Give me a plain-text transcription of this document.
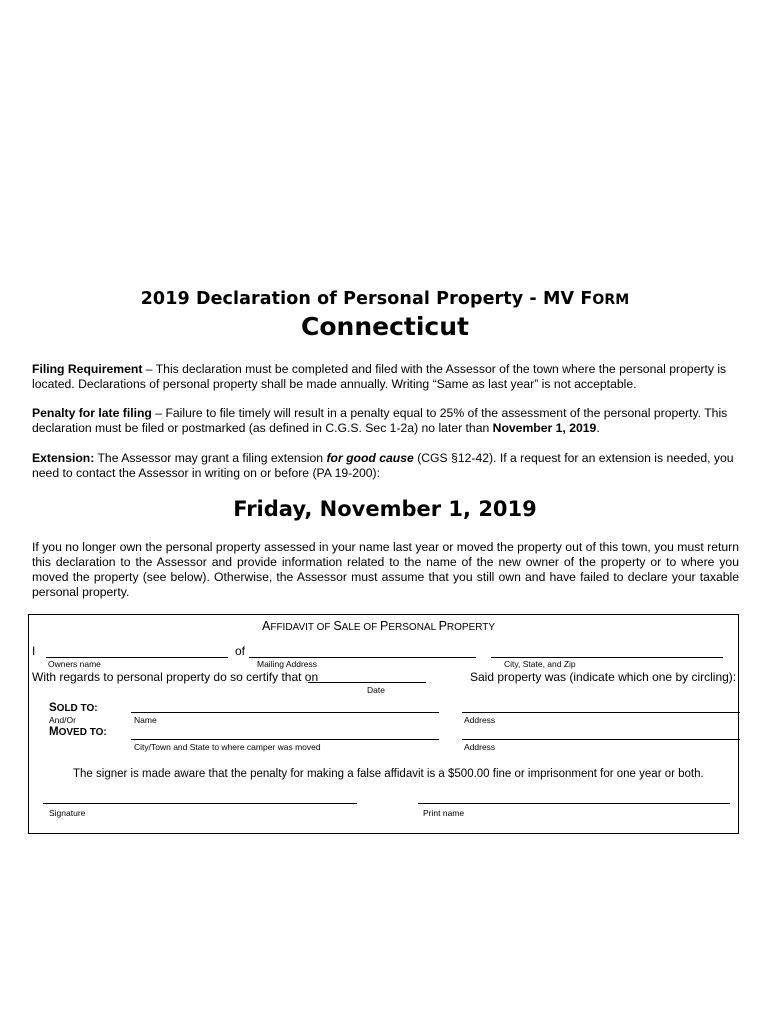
2019 Declaration of Personal Property - MV FORM
Connecticut
Filing Requirement – This declaration must be completed and filed with the Assessor of the town where the personal property is located. Declarations of personal property shall be made annually. Writing “Same as last year” is not acceptable.
Penalty for late filing – Failure to file timely will result in a penalty equal to 25% of the assessment of the personal property. This declaration must be filed or postmarked (as defined in C.G.S. Sec 1-2a) no later than November 1, 2019.
Extension: The Assessor may grant a filing extension for good cause (CGS §12-42). If a request for an extension is needed, you need to contact the Assessor in writing on or before (PA 19-200):
Friday, November 1, 2019
If you no longer own the personal property assessed in your name last year or moved the property out of this town, you must return this declaration to the Assessor and provide information related to the name of the new owner of the property or to where you moved the property (see below). Otherwise, the Assessor must assume that you still own and have failed to declare your taxable personal property.
AFFIDAVIT OF SALE OF PERSONAL PROPERTY
I	of
Owners name	Mailing Address	City, State, and Zip
With regards to personal property do so certify that on	Said property was (indicate which one by circling):
Date
SOLD TO:
And/Or	Name	Address
MOVED TO:
City/Town and State to where camper was moved	Address
The signer is made aware that the penalty for making a false affidavit is a $500.00 fine or imprisonment for one year or both.
Signature	Print name
